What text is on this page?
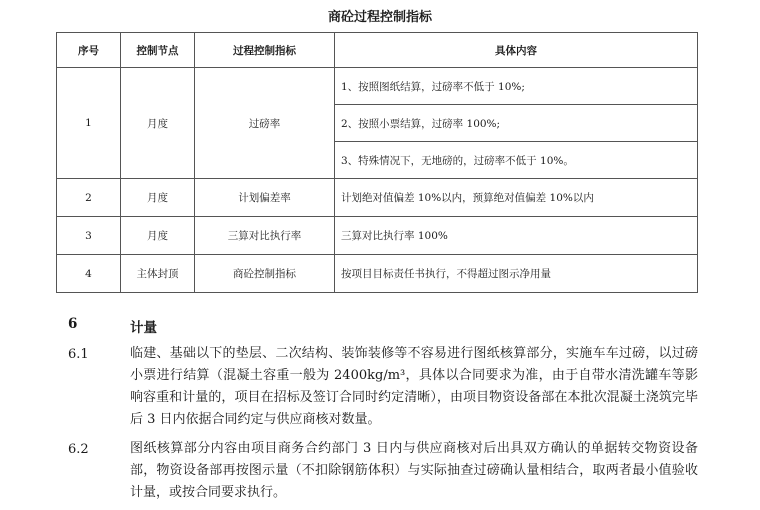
商砼过程控制指标
序号	控制节点	过程控制指标	具体内容
1	月度	过磅率	1、按照图纸结算，过磅率不低于 10%;
			2、按照小票结算，过磅率 100%;
			3、特殊情况下，无地磅的，过磅率不低于 10%。
2	月度	计划偏差率	计划绝对值偏差 10%以内，预算绝对值偏差 10%以内
3	月度	三算对比执行率	三算对比执行率 100%
4	主体封顶	商砼控制指标	按项目目标责任书执行，不得超过图示净用量
6	计量
6.1	临建、基础以下的垫层、二次结构、装饰装修等不容易进行图纸核算部分，实施车车过磅，以过磅小票进行结算（混凝土容重一般为 2400kg/m³，具体以合同要求为准，由于自带水清洗罐车等影响容重和计量的，项目在招标及签订合同时约定清晰），由项目物资设备部在本批次混凝土浇筑完毕后 3 日内依据合同约定与供应商核对数量。
6.2	图纸核算部分内容由项目商务合约部门 3 日内与供应商核对后出具双方确认的单据转交物资设备部，物资设备部再按图示量（不扣除钢筋体积）与实际抽查过磅确认量相结合，取两者最小值验收计量，或按合同要求执行。
